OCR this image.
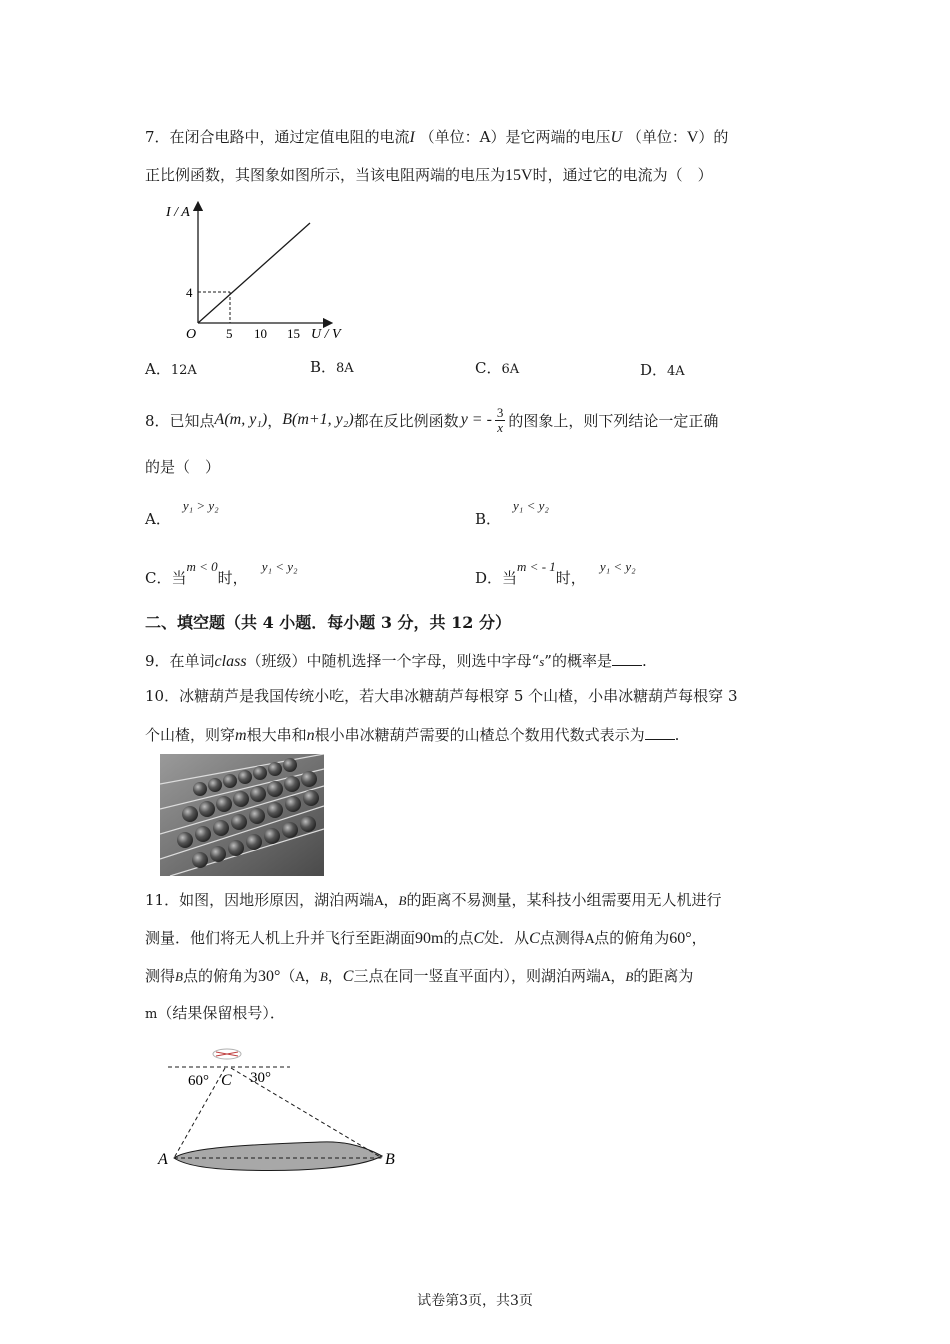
7．在闭合电路中，通过定值电阻的电流I （单位：A）是它两端的电压U （单位：V）的
正比例函数，其图象如图所示，当该电阻两端的电压为15V时，通过它的电流为（　）
I / A
U / V
O
4
5 10 15
A．12A	B．8A	C．6A	D．4A
8．已知点 A(m, y₁) ， B(m+1, y₂) 都在反比例函数 y = - $\frac{3}{x}$ 的图象上，则下列结论一定正确
的是（　）
A．y₁ > y₂
B．y₁ < y₂
C．当m < 0时，y₁ < y₂
D．当m < - 1时，y₁ < y₂
二、填空题（共 4 小题．每小题 3 分，共 12 分）
9．在单词class（班级）中随机选择一个字母，则选中字母“s”的概率是 .
10．冰糖葫芦是我国传统小吃，若大串冰糖葫芦每根穿 5 个山楂，小串冰糖葫芦每根穿 3
个山楂，则穿m根大串和n根小串冰糖葫芦需要的山楂总个数用代数式表示为 .
11．如图，因地形原因，湖泊两端A，B的距离不易测量，某科技小组需要用无人机进行
测量．他们将无人机上升并飞行至距湖面90m的点C处．从C点测得A点的俯角为60°，
测得B点的俯角为30°（A，B，C三点在同一竖直平面内），则湖泊两端A，B的距离为
m（结果保留根号）．
60° C 30°
A	B
试卷第3页，共3页
